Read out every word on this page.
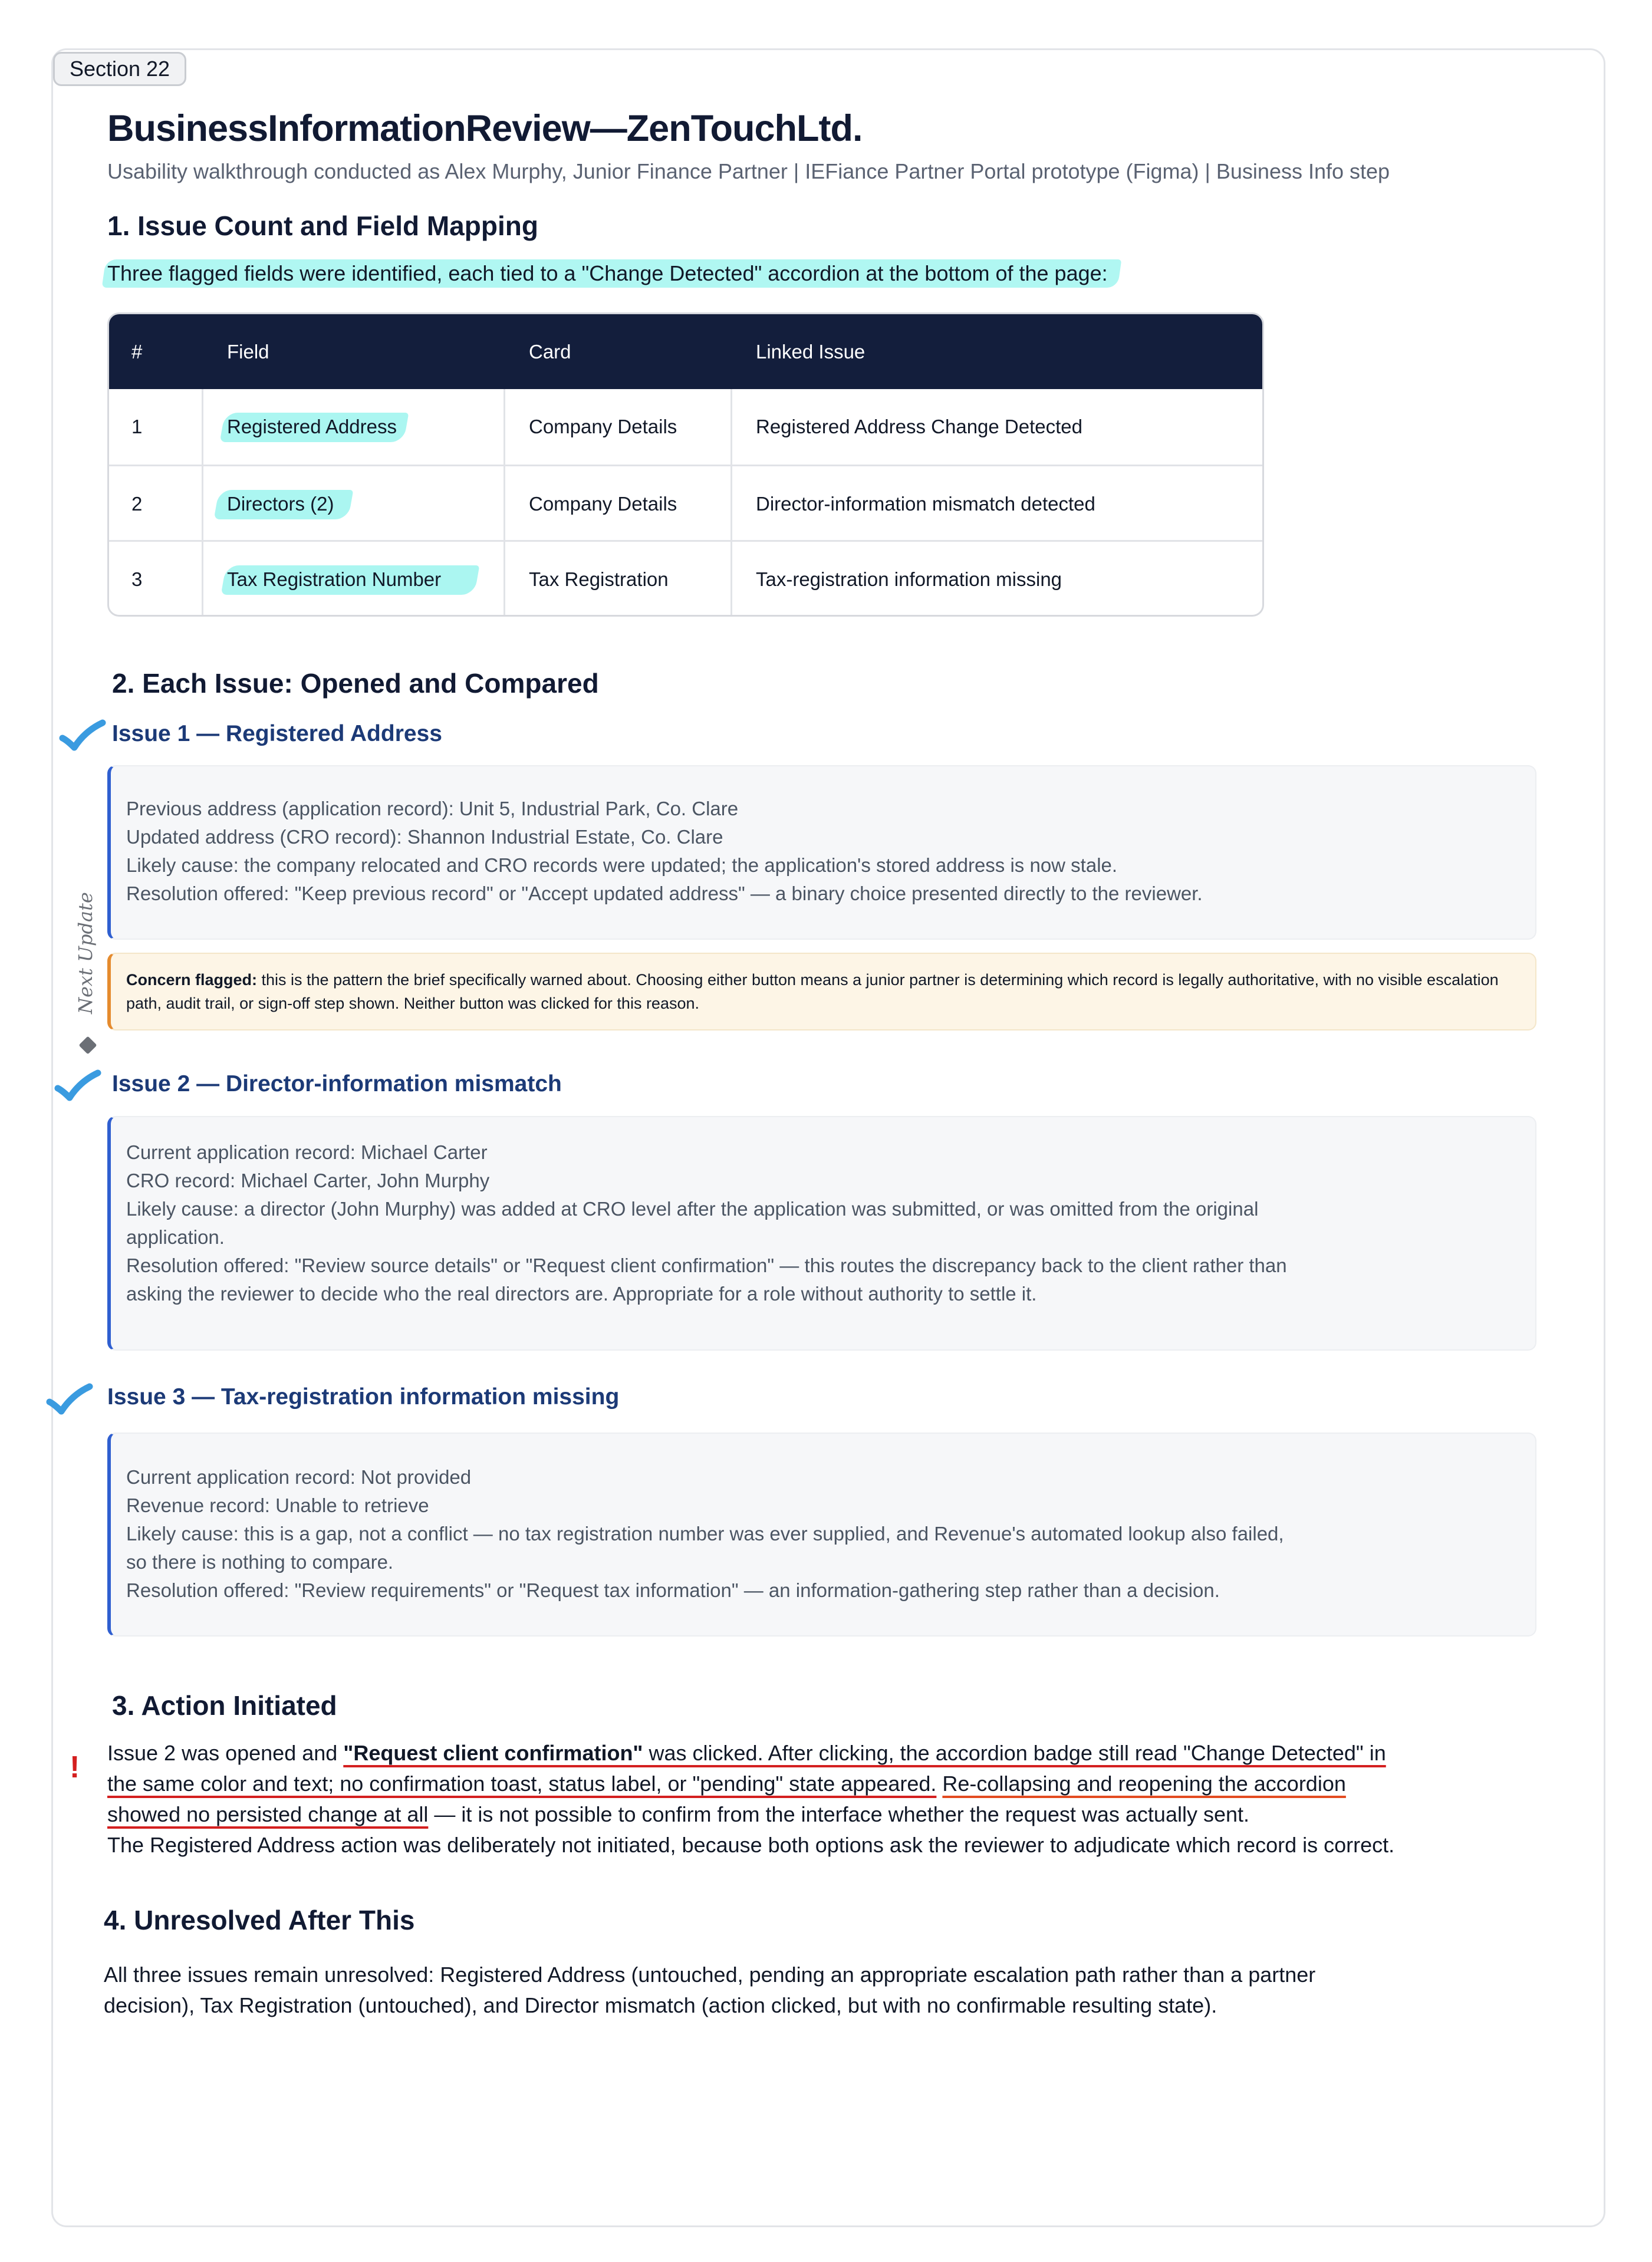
Section 22
BusinessInformationReview—ZenTouchLtd.
Usability walkthrough conducted as Alex Murphy, Junior Finance Partner | IEFiance Partner Portal prototype (Figma) | Business Info step
1. Issue Count and Field Mapping
Three flagged fields were identified, each tied to a "Change Detected" accordion at the bottom of the page:
#	Field	Card	Linked Issue
1	Registered Address	Company Details	Registered Address Change Detected
2	Directors (2)	Company Details	Director-information mismatch detected
3	Tax Registration Number	Tax Registration	Tax-registration information missing
2. Each Issue: Opened and Compared
Issue 1 — Registered Address
Previous address (application record): Unit 5, Industrial Park, Co. Clare
Updated address (CRO record): Shannon Industrial Estate, Co. Clare
Likely cause: the company relocated and CRO records were updated; the application's stored address is now stale.
Resolution offered: "Keep previous record" or "Accept updated address" — a binary choice presented directly to the reviewer.
Concern flagged: this is the pattern the brief specifically warned about. Choosing either button means a junior partner is determining which record is legally authoritative, with no visible escalation path, audit trail, or sign-off step shown. Neither button was clicked for this reason.
Next Update
Issue 2 — Director-information mismatch
Current application record: Michael Carter
CRO record: Michael Carter, John Murphy
Likely cause: a director (John Murphy) was added at CRO level after the application was submitted, or was omitted from the original
application.
Resolution offered: "Review source details" or "Request client confirmation" — this routes the discrepancy back to the client rather than
asking the reviewer to decide who the real directors are. Appropriate for a role without authority to settle it.
Issue 3 — Tax-registration information missing
Current application record: Not provided
Revenue record: Unable to retrieve
Likely cause: this is a gap, not a conflict — no tax registration number was ever supplied, and Revenue's automated lookup also failed,
so there is nothing to compare.
Resolution offered: "Review requirements" or "Request tax information" — an information-gathering step rather than a decision.
3. Action Initiated
! Issue 2 was opened and "Request client confirmation" was clicked. After clicking, the accordion badge still read "Change Detected" in
the same color and text; no confirmation toast, status label, or "pending" state appeared. Re-collapsing and reopening the accordion
showed no persisted change at all — it is not possible to confirm from the interface whether the request was actually sent.
The Registered Address action was deliberately not initiated, because both options ask the reviewer to adjudicate which record is correct.
4. Unresolved After This
All three issues remain unresolved: Registered Address (untouched, pending an appropriate escalation path rather than a partner
decision), Tax Registration (untouched), and Director mismatch (action clicked, but with no confirmable resulting state).
